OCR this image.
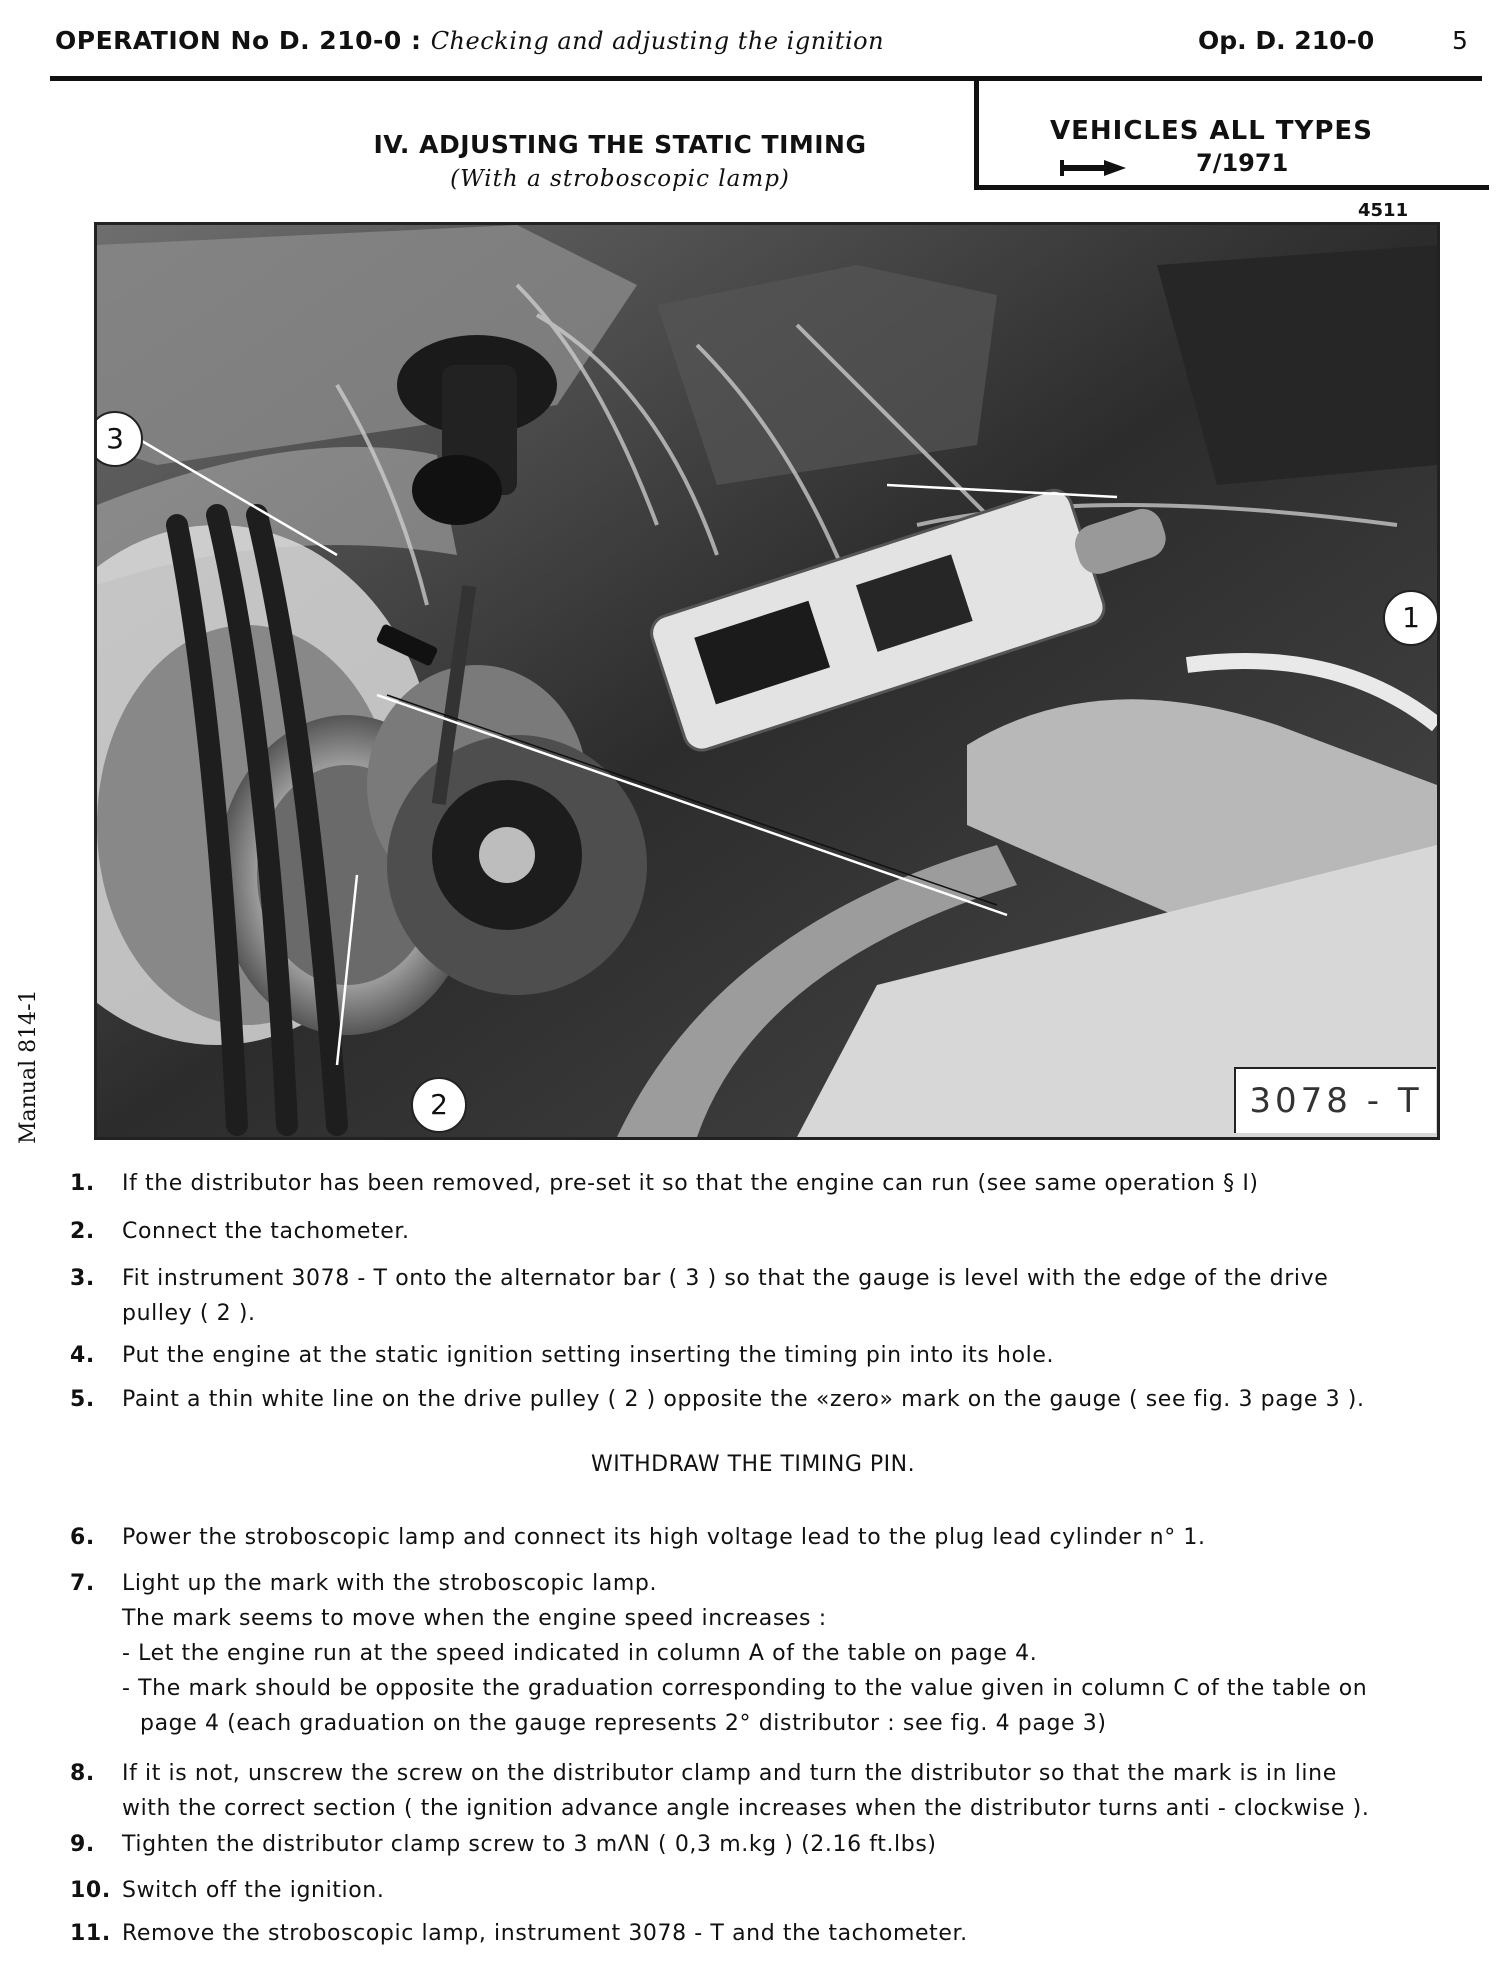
OPERATION No D. 210-0 : Checking and adjusting the ignition	Op. D. 210-0	5
IV. ADJUSTING THE STATIC TIMING
(With a stroboscopic lamp)
VEHICLES ALL TYPES
7/1971
4511
3
1
2	3078 - T
Manual 814-1
1.	If the distributor has been removed, pre-set it so that the engine can run (see same operation § I)
2.	Connect the tachometer.
3.	Fit instrument 3078 - T onto the alternator bar ( 3 ) so that the gauge is level with the edge of the drive
pulley ( 2 ).
4.	Put the engine at the static ignition setting inserting the timing pin into its hole.
5.	Paint a thin white line on the drive pulley ( 2 ) opposite the «zero» mark on the gauge ( see fig. 3 page 3 ).
WITHDRAW THE TIMING PIN.
6.	Power the stroboscopic lamp and connect its high voltage lead to the plug lead cylinder n° 1.
7.	Light up the mark with the stroboscopic lamp.
The mark seems to move when the engine speed increases :
- Let the engine run at the speed indicated in column A of the table on page 4.
- The mark should be opposite the graduation corresponding to the value given in column C of the table on
page 4 (each graduation on the gauge represents 2° distributor : see fig. 4 page 3)
8.	If it is not, unscrew the screw on the distributor clamp and turn the distributor so that the mark is in line
with the correct section ( the ignition advance angle increases when the distributor turns anti - clockwise ).
9.	Tighten the distributor clamp screw to 3 mΛN ( 0,3 m.kg ) (2.16 ft.lbs)
10. Switch off the ignition.
11. Remove the stroboscopic lamp, instrument 3078 - T and the tachometer.
